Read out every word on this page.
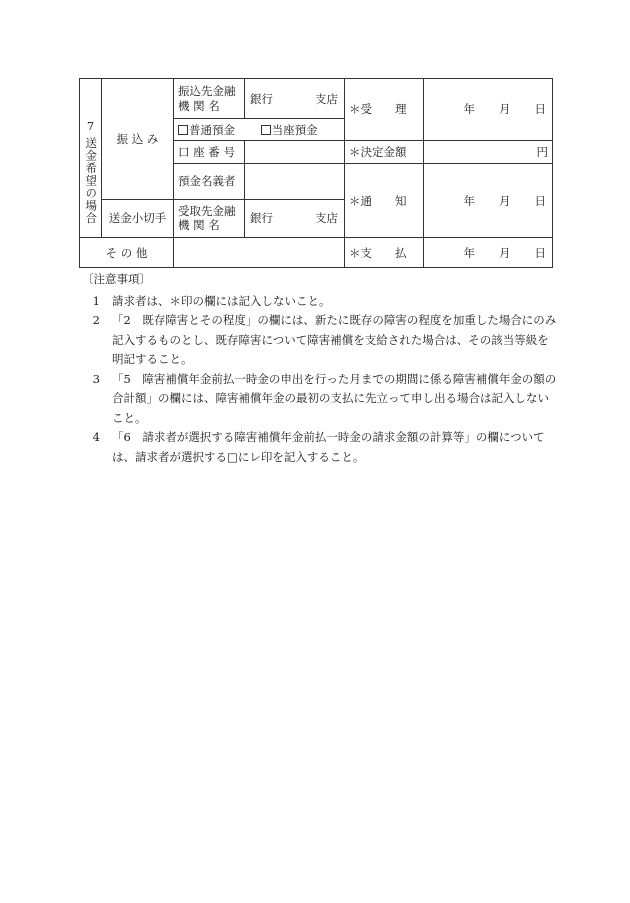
7
送金希望の場合	振 込 み	振込先金融機 関 名	銀行 支店	＊受　　理	年 月 日

		普通預金 当座預金			
		口 座 番 号		＊決定金額	円
		預金名義者		＊通　　知	年 月 日

	送金小切手	受取先金融機 関 名	銀行 支店		

そ の 他				＊支　　払	年 月 日
〔注意事項〕
1	請求者は、＊印の欄には記入しないこと。
2	「2　既存障害とその程度」の欄には、新たに既存の障害の程度を加重した場合にのみ記入するものとし、既存障害について障害補償を支給された場合は、その該当等級を明記すること。
3	「5　障害補償年金前払一時金の申出を行った月までの期間に係る障害補償年金の額の合計額」の欄には、障害補償年金の最初の支払に先立って申し出る場合は記入しないこと。
4	「6　請求者が選択する障害補償年金前払一時金の請求金額の計算等」の欄については、請求者が選択する□にレ印を記入すること。
